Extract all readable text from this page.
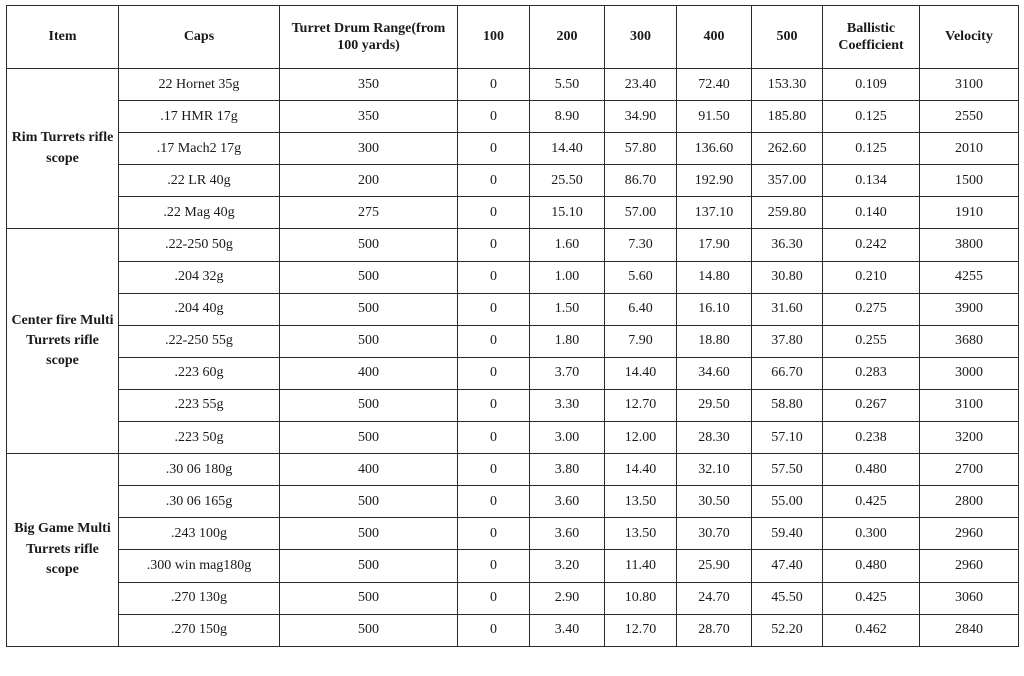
Item	Caps	Turret Drum Range(from 100 yards)	100	200	300	400	500	Ballistic Coefficient	Velocity
Rim Turrets rifle scope	22 Hornet 35g	350	0	5.50	23.40	72.40	153.30	0.109	3100
	.17 HMR 17g	350	0	8.90	34.90	91.50	185.80	0.125	2550
	.17 Mach2 17g	300	0	14.40	57.80	136.60	262.60	0.125	2010
	.22 LR 40g	200	0	25.50	86.70	192.90	357.00	0.134	1500
	.22 Mag 40g	275	0	15.10	57.00	137.10	259.80	0.140	1910
Center fire Multi Turrets rifle scope	.22-250 50g	500	0	1.60	7.30	17.90	36.30	0.242	3800
	.204 32g	500	0	1.00	5.60	14.80	30.80	0.210	4255
	.204 40g	500	0	1.50	6.40	16.10	31.60	0.275	3900
	.22-250 55g	500	0	1.80	7.90	18.80	37.80	0.255	3680
	.223 60g	400	0	3.70	14.40	34.60	66.70	0.283	3000
	.223 55g	500	0	3.30	12.70	29.50	58.80	0.267	3100
	.223 50g	500	0	3.00	12.00	28.30	57.10	0.238	3200
Big Game Multi Turrets rifle scope	.30 06 180g	400	0	3.80	14.40	32.10	57.50	0.480	2700
	.30 06 165g	500	0	3.60	13.50	30.50	55.00	0.425	2800
	.243 100g	500	0	3.60	13.50	30.70	59.40	0.300	2960
	.300 win mag180g	500	0	3.20	11.40	25.90	47.40	0.480	2960
	.270 130g	500	0	2.90	10.80	24.70	45.50	0.425	3060
	.270 150g	500	0	3.40	12.70	28.70	52.20	0.462	2840
